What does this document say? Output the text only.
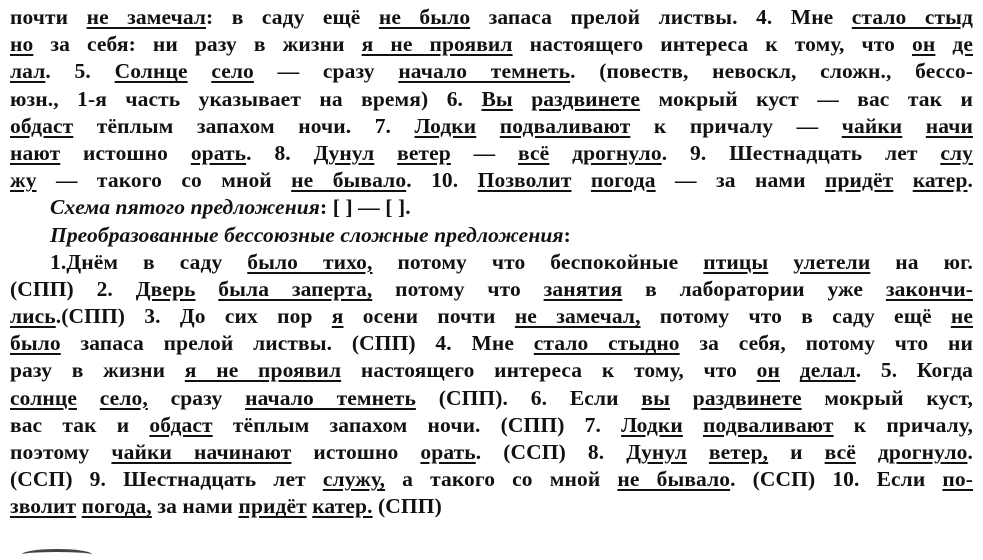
почти не замечал: в саду ещё не было запаса прелой листвы. 4. Мне стало стыд
но за себя: ни разу в жизни я не проявил настоящего интереса к тому, что он де
лал. 5. Солнце село — сразу начало темнеть. (повеств, невоскл, сложн., бессо-
юзн., 1-я часть указывает на время) 6. Вы раздвинете мокрый куст — вас так и
обдаст тёплым запахом ночи. 7. Лодки подваливают к причалу — чайки начи
нают истошно орать. 8. Дунул ветер — всё дрогнуло. 9. Шестнадцать лет слу
жу — такого со мной не бывало. 10. Позволит погода — за нами придёт катер.
Схема пятого предложения: [ ] — [ ].
Преобразованные бессоюзные сложные предложения:
1.Днём в саду было тихо, потому что беспокойные птицы улетели на юг.
(СПП) 2. Дверь была заперта, потому что занятия в лаборатории уже закончи-
лись.(СПП) 3. До сих пор я осени почти не замечал, потому что в саду ещё не
было запаса прелой листвы. (СПП) 4. Мне стало стыдно за себя, потому что ни
разу в жизни я не проявил настоящего интереса к тому, что он делал. 5. Когда
солнце село, сразу начало темнеть (СПП). 6. Если вы раздвинете мокрый куст,
вас так и обдаст тёплым запахом ночи. (СПП) 7. Лодки подваливают к причалу,
поэтому чайки начинают истошно орать. (ССП) 8. Дунул ветер, и всё дрогнуло.
(ССП) 9. Шестнадцать лет служу, а такого со мной не бывало. (ССП) 10. Если по-
зволит погода, за нами придёт катер. (СПП)
